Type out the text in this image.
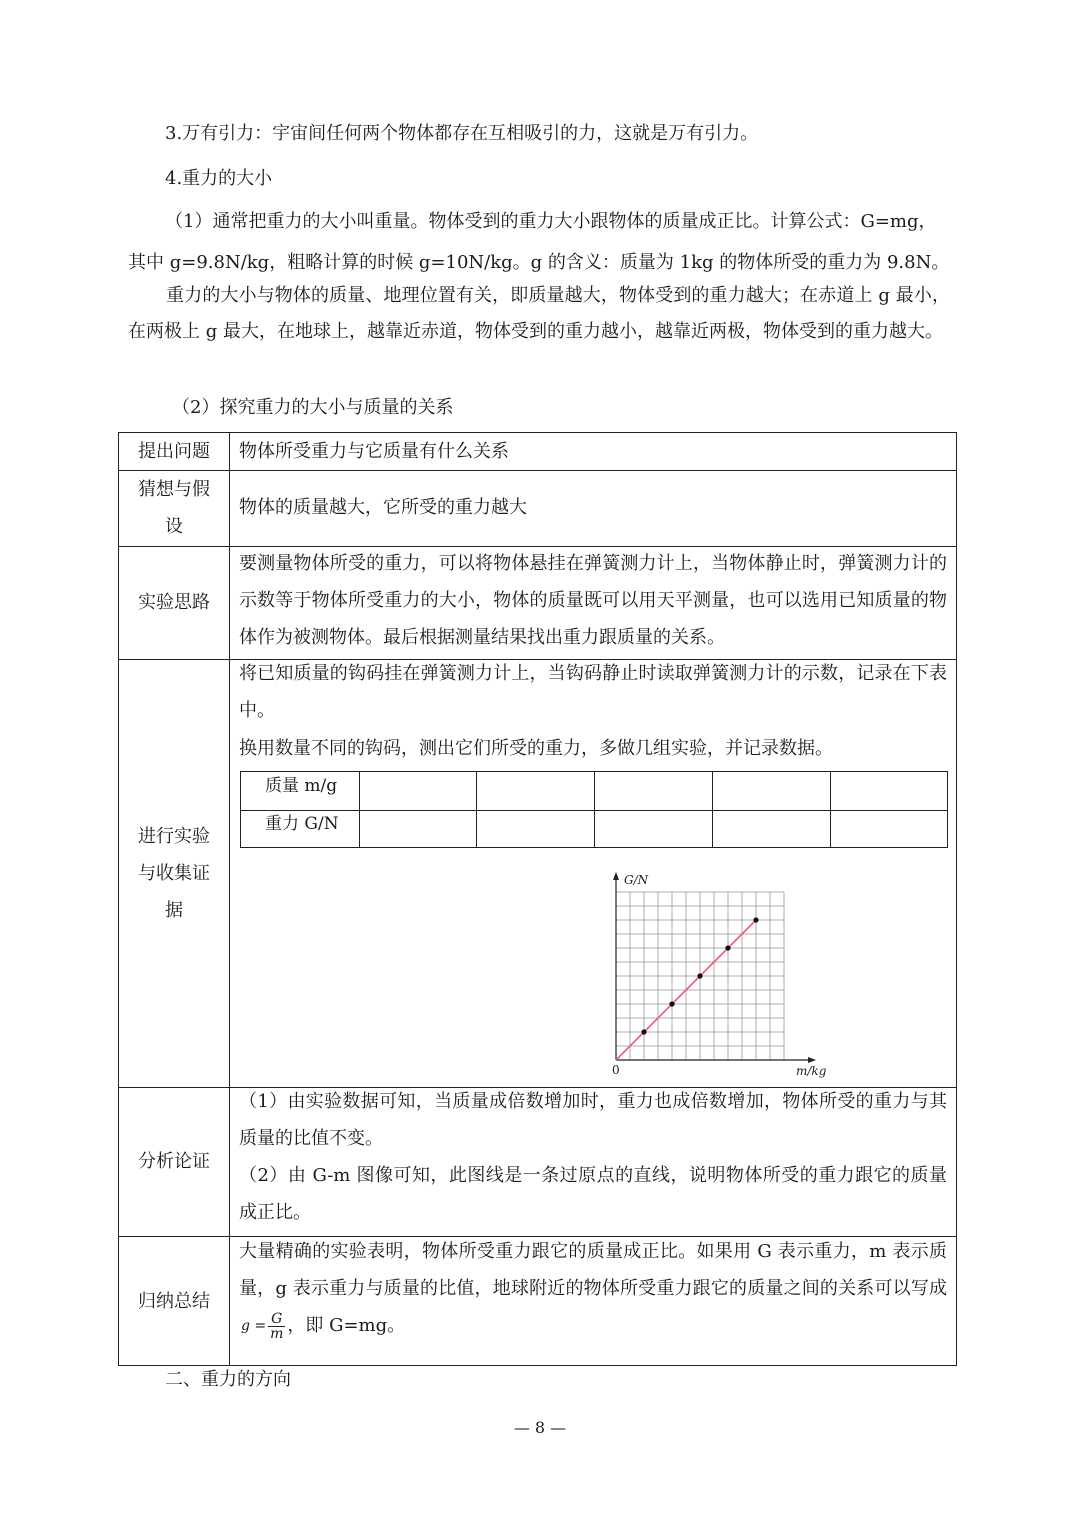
3.万有引力：宇宙间任何两个物体都存在互相吸引的力，这就是万有引力。
4.重力的大小
（1）通常把重力的大小叫重量。物体受到的重力大小跟物体的质量成正比。计算公式：G=mg，
其中 g=9.8N/kg，粗略计算的时候 g=10N/kg。g 的含义：质量为 1kg 的物体所受的重力为 9.8N。
重力的大小与物体的质量、地理位置有关，即质量越大，物体受到的重力越大；在赤道上 g 最小，在两极上 g 最大，在地球上，越靠近赤道，物体受到的重力越小，越靠近两极，物体受到的重力越大。
（2）探究重力的大小与质量的关系
提出问题	物体所受重力与它质量有什么关系
猜想与假设
物体的质量越大，它所受的重力越大
实验思路
要测量物体所受的重力，可以将物体悬挂在弹簧测力计上，当物体静止时，弹簧测力计的示数等于物体所受重力的大小，物体的质量既可以用天平测量，也可以选用已知质量的物体作为被测物体。最后根据测量结果找出重力跟质量的关系。
进行实验与收集证据
将已知质量的钩码挂在弹簧测力计上，当钩码静止时读取弹簧测力计的示数，记录在下表中。
换用数量不同的钩码，测出它们所受的重力，多做几组实验，并记录数据。
质量 m/g
重力 G/N
G/N
m/kg
0
分析论证
（1）由实验数据可知，当质量成倍数增加时，重力也成倍数增加，物体所受的重力与其质量的比值不变。
（2）由 G-m 图像可知，此图线是一条过原点的直线，说明物体所受的重力跟它的质量成正比。
归纳总结
大量精确的实验表明，物体所受重力跟它的质量成正比。如果用 G 表示重力，m 表示质量，g 表示重力与质量的比值，地球附近的物体所受重力跟它的质量之间的关系可以写成
$g = \frac{G}{m}$ ，即 G=mg。
二、重力的方向
— 8 —
